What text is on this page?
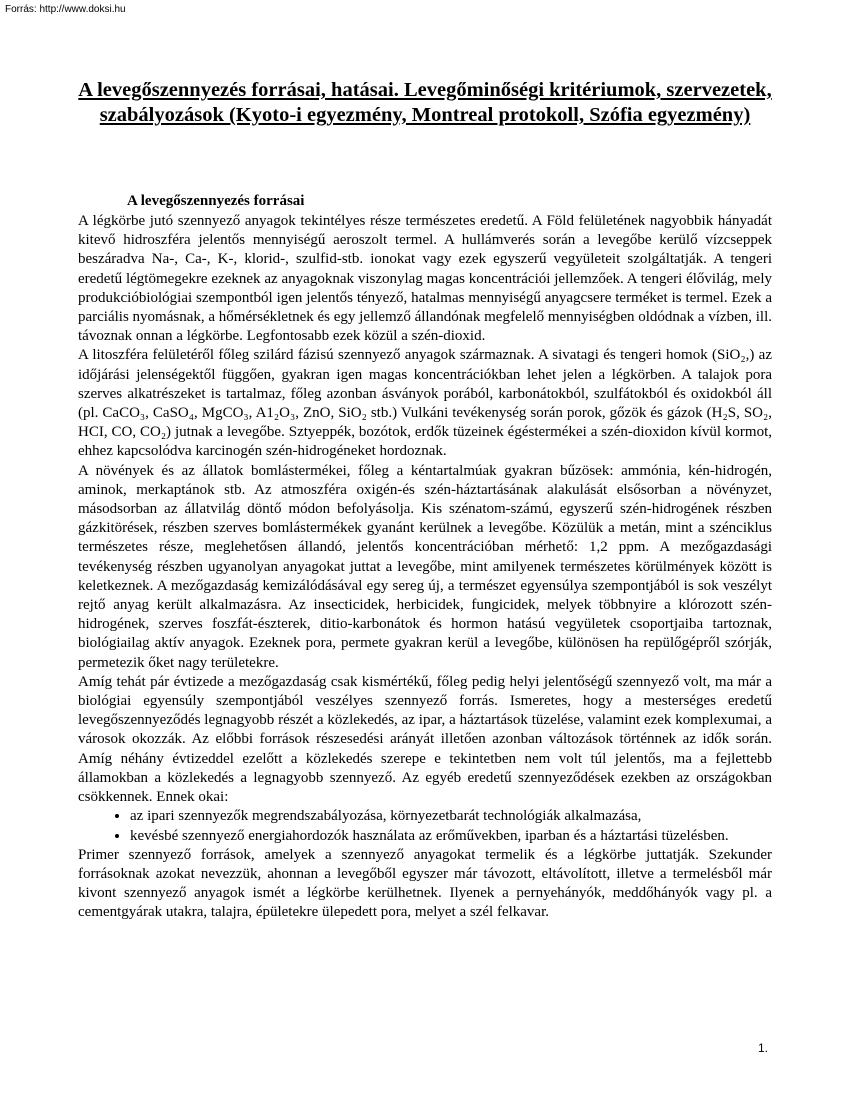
Forrás: http://www.doksi.hu
A levegőszennyezés forrásai, hatásai. Levegőminőségi kritériumok, szervezetek, szabályozások (Kyoto-i egyezmény, Montreal protokoll, Szófia egyezmény)
A levegőszennyezés forrásai

A légkörbe jutó szennyező anyagok tekintélyes része természetes eredetű. A Föld felületének nagyobbik hányadát kitevő hidroszféra jelentős mennyiségű aeroszolt termel. A hullámverés során a levegőbe kerülő vízcseppek beszáradva Na-, Ca-, K-, klorid-, szulfid-stb. ionokat vagy ezek egyszerű vegyületeit szolgáltatják. A tengeri eredetű légtömegekre ezeknek az anyagoknak viszonylag magas koncentrációi jellemzőek. A tengeri élővilág, mely produkcióbiológiai szempontból igen jelentős tényező, hatalmas mennyiségű anyagcsere terméket is termel. Ezek a parciális nyomásnak, a hőmérsékletnek és egy jellemző állandónak megfelelő mennyiségben oldódnak a vízben, ill. távoznak onnan a légkörbe. Legfontosabb ezek közül a szén-dioxid.

A litoszféra felületéről főleg szilárd fázisú szennyező anyagok származnak. A sivatagi és tengeri homok (SiO₂,) az időjárási jelenségektől függően, gyakran igen magas koncentrációkban lehet jelen a légkörben. A talajok pora szerves alkatrészeket is tartalmaz, főleg azonban ásványok porából, karbonátokból, szulfátokból és oxidokból áll (pl. CaCO₃, CaSO₄, MgCO₃, A1₂O₃, ZnO, SiO₂ stb.) Vulkáni tevékenység során porok, gőzök és gázok (H₂S, SO₂, HCI, CO, CO₂) jutnak a levegőbe. Sztyeppék, bozótok, erdők tüzeinek égéstermékei a szén-dioxidon kívül kormot, ehhez kapcsolódva karcinogén szén-hidrogéneket hordoznak.

A növények és az állatok bomlástermékei, főleg a kéntartalmúak gyakran bűzösek: ammónia, kén-hidrogén, aminok, merkaptánok stb. Az atmoszféra oxigén-és szén-háztartásának alakulását elsősorban a növényzet, másodsorban az állatvilág döntő módon befolyásolja. Kis szénatom-számú, egyszerű szén-hidrogének részben gázkitörések, részben szerves bomlástermékek gyanánt kerülnek a levegőbe. Közülük a metán, mint a szénciklus természetes része, meglehetősen állandó, jelentős koncentrációban mérhető: 1,2 ppm. A mezőgazdasági tevékenység részben ugyanolyan anyagokat juttat a levegőbe, mint amilyenek természetes körülmények között is keletkeznek. A mezőgazdaság kemizálódásával egy sereg új, a természet egyensúlya szempontjából is sok veszélyt rejtő anyag került alkalmazásra. Az insecticidek, herbicidek, fungicidek, melyek többnyire a klórozott szén-hidrogének, szerves foszfát-észterek, ditio-karbonátok és hormon hatású vegyületek csoportjaiba tartoznak, biológiailag aktív anyagok. Ezeknek pora, permete gyakran kerül a levegőbe, különösen ha repülőgépről szórják, permetezik őket nagy területekre.

Amíg tehát pár évtizede a mezőgazdaság csak kismértékű, főleg pedig helyi jelentőségű szennyező volt, ma már a biológiai egyensúly szempontjából veszélyes szennyező forrás. Ismeretes, hogy a mesterséges eredetű levegőszennyeződés legnagyobb részét a közlekedés, az ipar, a háztartások tüzelése, valamint ezek komplexumai, a városok okozzák. Az előbbi források részesedési arányát illetően azonban változások történnek az idők során. Amíg néhány évtizeddel ezelőtt a közlekedés szerepe e tekintetben nem volt túl jelentős, ma a fejlettebb államokban a közlekedés a legnagyobb szennyező. Az egyéb eredetű szennyeződések ezekben az országokban csökkennek. Ennek okai:

• az ipari szennyezők megrendszabályozása, környezetbarát technológiák alkalmazása,
• kevésbé szennyező energiahordozók használata az erőművekben, iparban és a háztartási tüzelésben.

Primer szennyező források, amelyek a szennyező anyagokat termelik és a légkörbe juttatják. Szekunder forrásoknak azokat nevezzük, ahonnan a levegőből egyszer már távozott, eltávolított, illetve a termelésből már kivont szennyező anyagok ismét a légkörbe kerülhetnek. Ilyenek a pernyehányók, meddőhányók vagy pl. a cementgyárak utakra, talajra, épületekre ülepedett pora, melyet a szél felkavar.

1.
